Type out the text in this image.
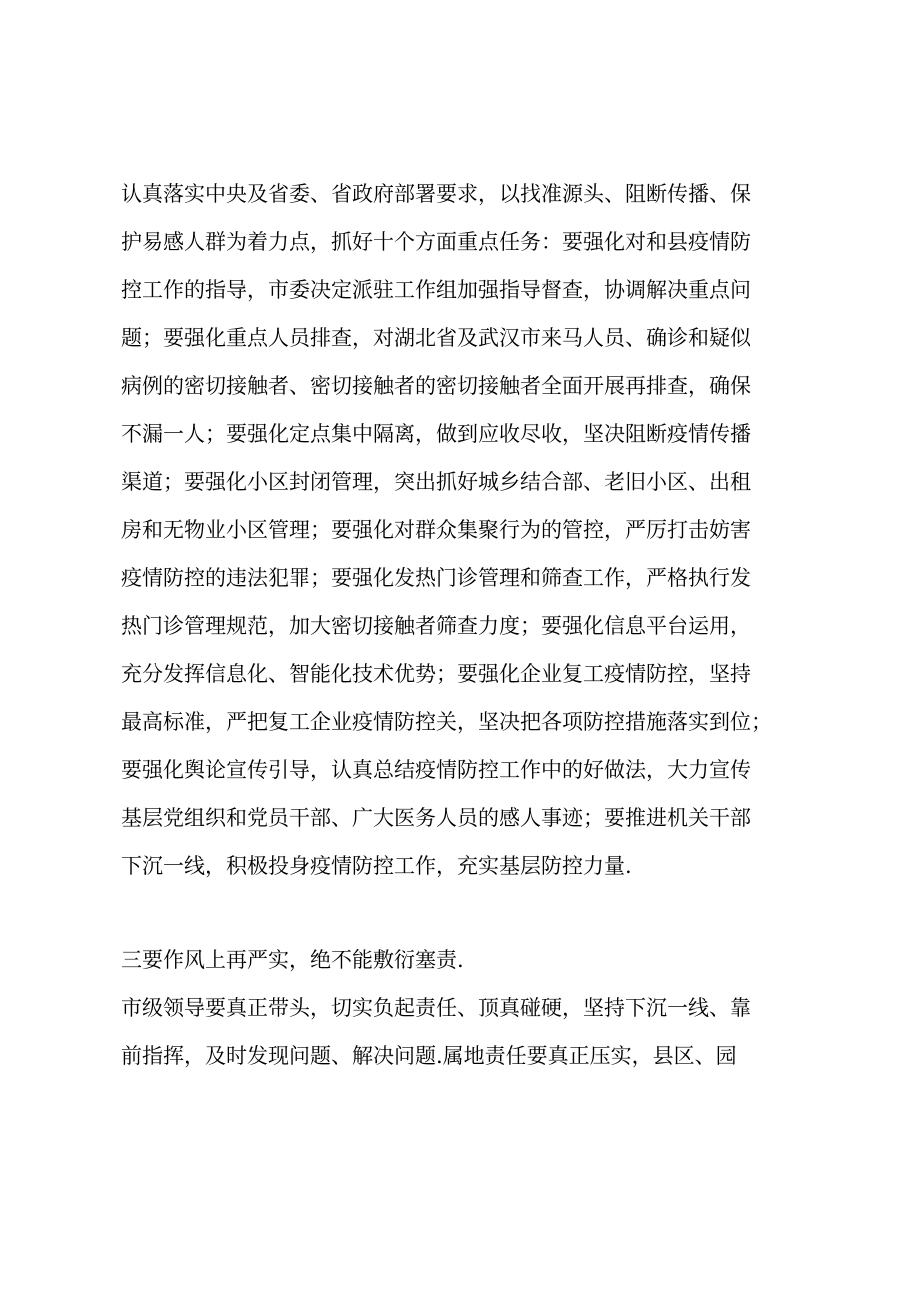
认真落实中央及省委、省政府部署要求，以找准源头、阻断传播、保

护易感人群为着力点，抓好十个方面重点任务：要强化对和县疫情防

控工作的指导，市委决定派驻工作组加强指导督查，协调解决重点问

题；要强化重点人员排查，对湖北省及武汉市来马人员、确诊和疑似

病例的密切接触者、密切接触者的密切接触者全面开展再排查，确保

不漏一人；要强化定点集中隔离，做到应收尽收，坚决阻断疫情传播

渠道；要强化小区封闭管理，突出抓好城乡结合部、老旧小区、出租

房和无物业小区管理；要强化对群众集聚行为的管控，严厉打击妨害

疫情防控的违法犯罪；要强化发热门诊管理和筛查工作，严格执行发

热门诊管理规范，加大密切接触者筛查力度；要强化信息平台运用，

充分发挥信息化、智能化技术优势；要强化企业复工疫情防控，坚持

最高标准，严把复工企业疫情防控关，坚决把各项防控措施落实到位；

要强化舆论宣传引导，认真总结疫情防控工作中的好做法，大力宣传

基层党组织和党员干部、广大医务人员的感人事迹；要推进机关干部

下沉一线，积极投身疫情防控工作，充实基层防控力量.

三要作风上再严实，绝不能敷衍塞责.

市级领导要真正带头，切实负起责任、顶真碰硬，坚持下沉一线、靠

前指挥，及时发现问题、解决问题.属地责任要真正压实，县区、园
